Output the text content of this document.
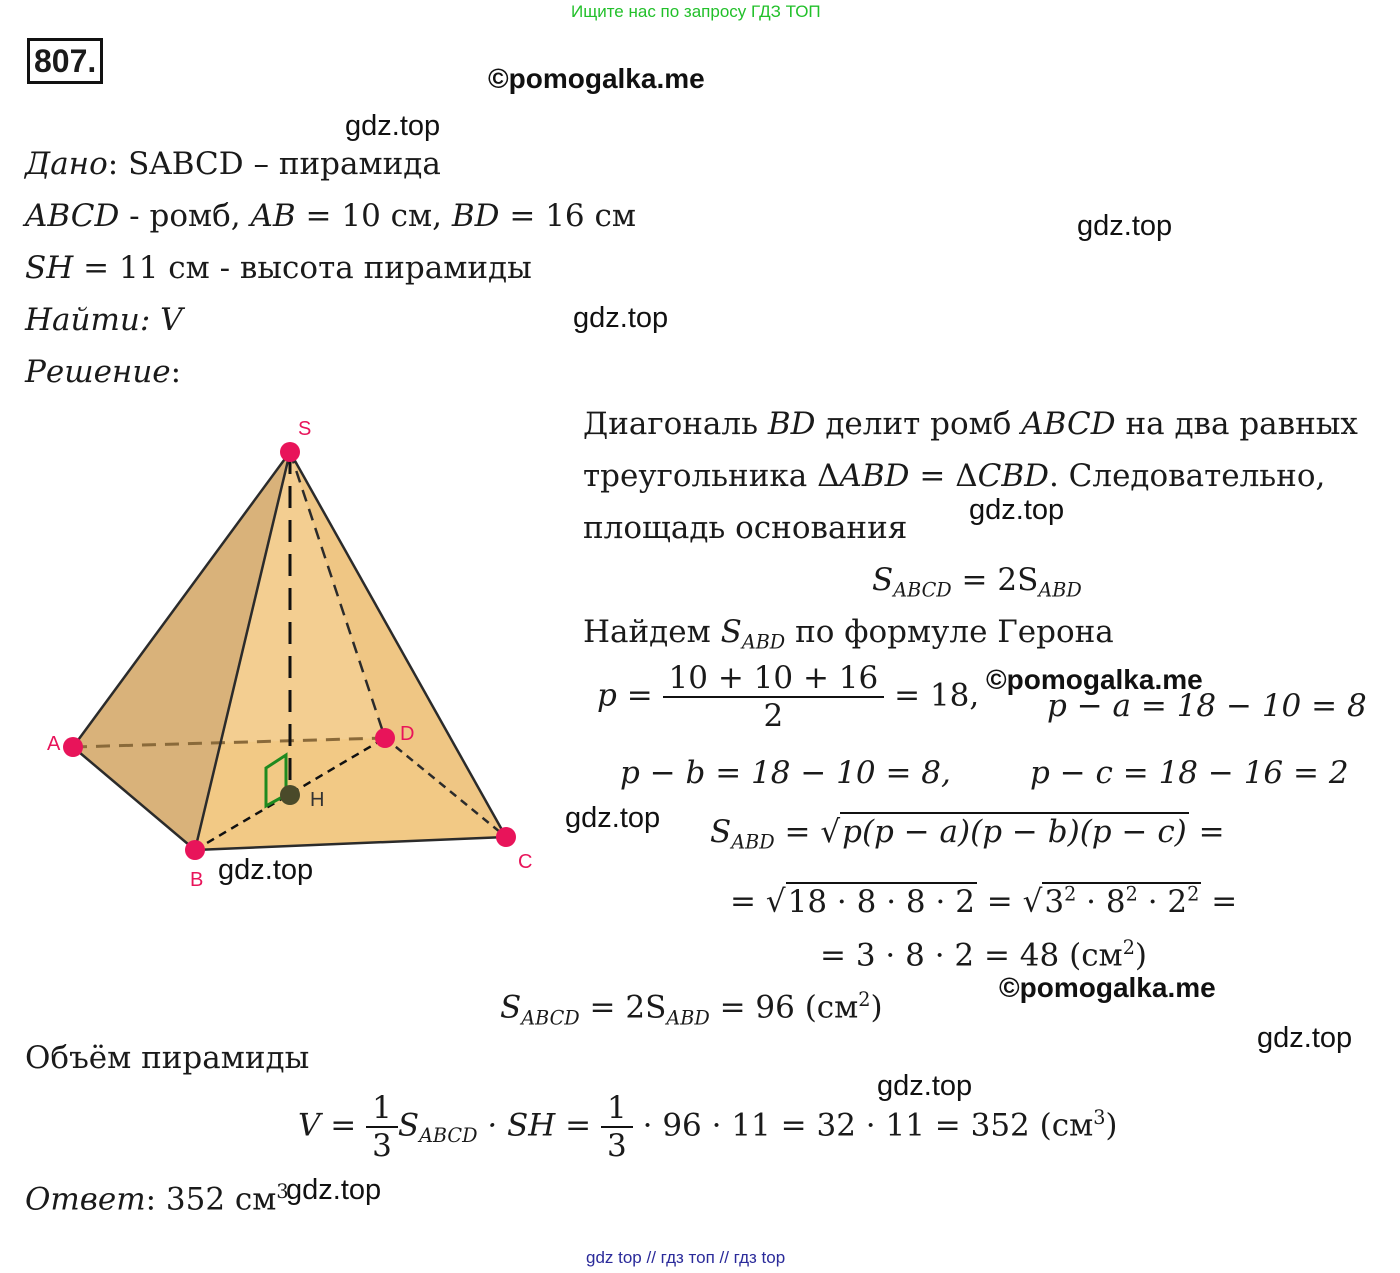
Ищите нас по запросу ГДЗ ТОП
807.	©pomogalka.me
gdz.top
gdz.top
gdz.top
gdz.top
©pomogalka.me
gdz.top
gdz.top
©pomogalka.me
gdz.top
gdz.top
gdz.top
Дано: SABCD – пирамида
ABCD - ромб, AB = 10 см, BD = 16 см
SH = 11 см - высота пирамиды
Найти: V
Решение:
S
A
B
C
D
H
Диагональ BD делит ромб ABCD на два равных
треугольника ΔABD = ΔCBD. Следовательно,
площадь основания
$S_{ABCD} = 2S_{ABD}$
Найдем $S_{ABD}$ по формуле Герона
$p = \frac{10 + 10 + 16}{2} = 18$, p − a = 18 − 10 = 8
p − b = 18 − 10 = 8,	p − c = 18 − 16 = 2
$S_{ABD} = √p(p - a)(p - b)(p - c)$ =
= $√18 \cdot 8 \cdot 8 \cdot 2 = √3^2 \cdot 8^2 \cdot 2^2$ =
= 3 · 8 · 2 = 48 $(см^2)$
$S_{ABCD} = 2S_{ABD} = 96$ $(см^2)$
Объём пирамиды
$V = \frac{1}{3} S_{ABCD}$ · SH = $\frac{1}{3} \cdot 96 \cdot 11 = 32 \cdot 11 = 352$ $(см^3)$
Ответ: 352 $см^3$
gdz top // гдз топ // гдз top
